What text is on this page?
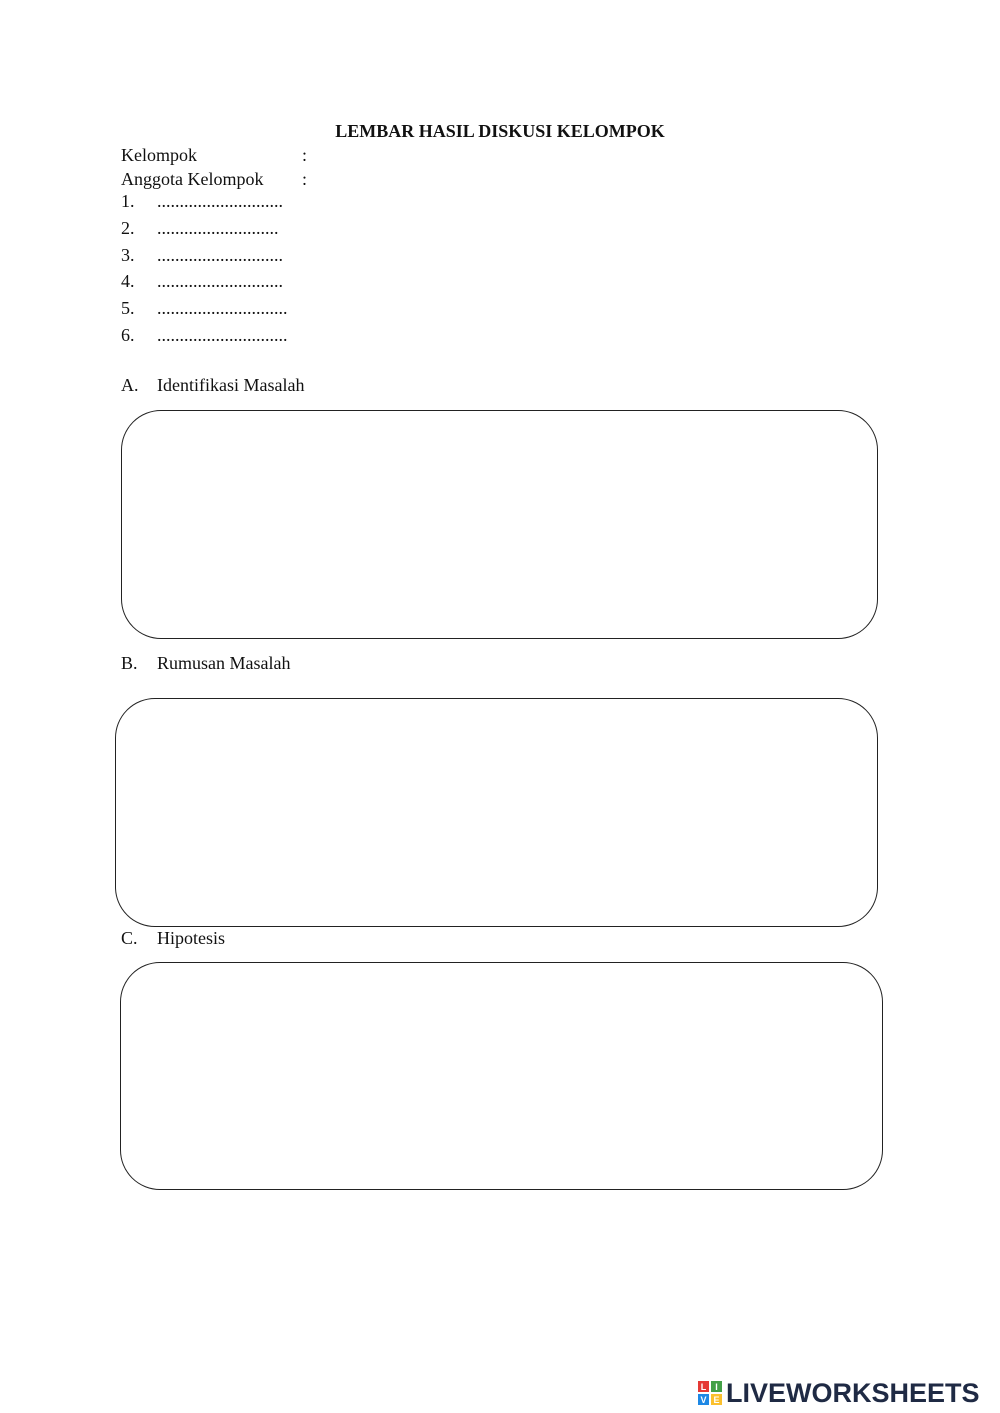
LEMBAR HASIL DISKUSI KELOMPOK
Kelompok	:
Anggota Kelompok :
1. ............................
2. ...........................
3. ............................
4. ............................
5. .............................
6. .............................
A. Identifikasi Masalah
B. Rumusan Masalah
C. Hipotesis
L I
V E LIVEWORKSHEETS
